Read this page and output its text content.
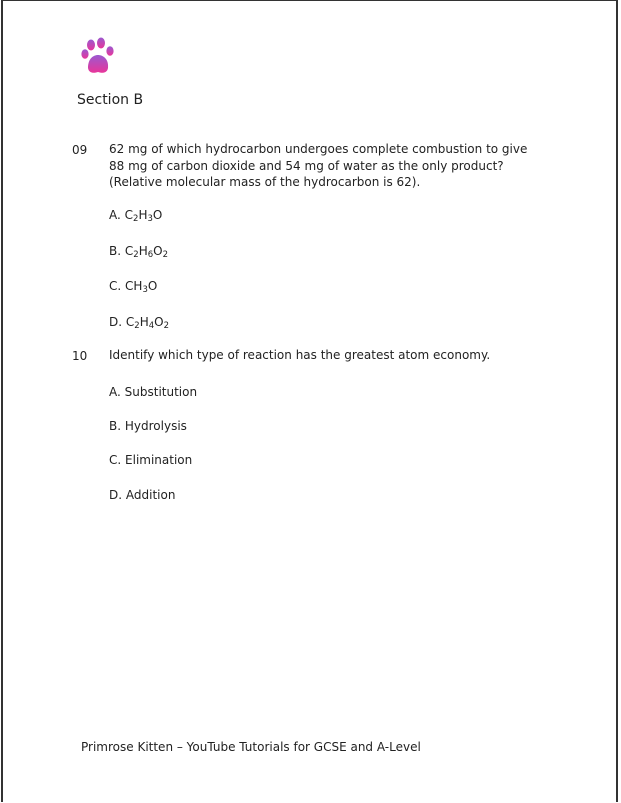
Section B
09 62 mg of which hydrocarbon undergoes complete combustion to give
88 mg of carbon dioxide and 54 mg of water as the only product?
(Relative molecular mass of the hydrocarbon is 62).
A. $C_2H_3O$
B. $C_2H_6O_2$
C. $CH_3O$
D. $C_2H_4O_2$
10 Identify which type of reaction has the greatest atom economy.
A. Substitution
B. Hydrolysis
C. Elimination
D. Addition
Primrose Kitten – YouTube Tutorials for GCSE and A-Level
